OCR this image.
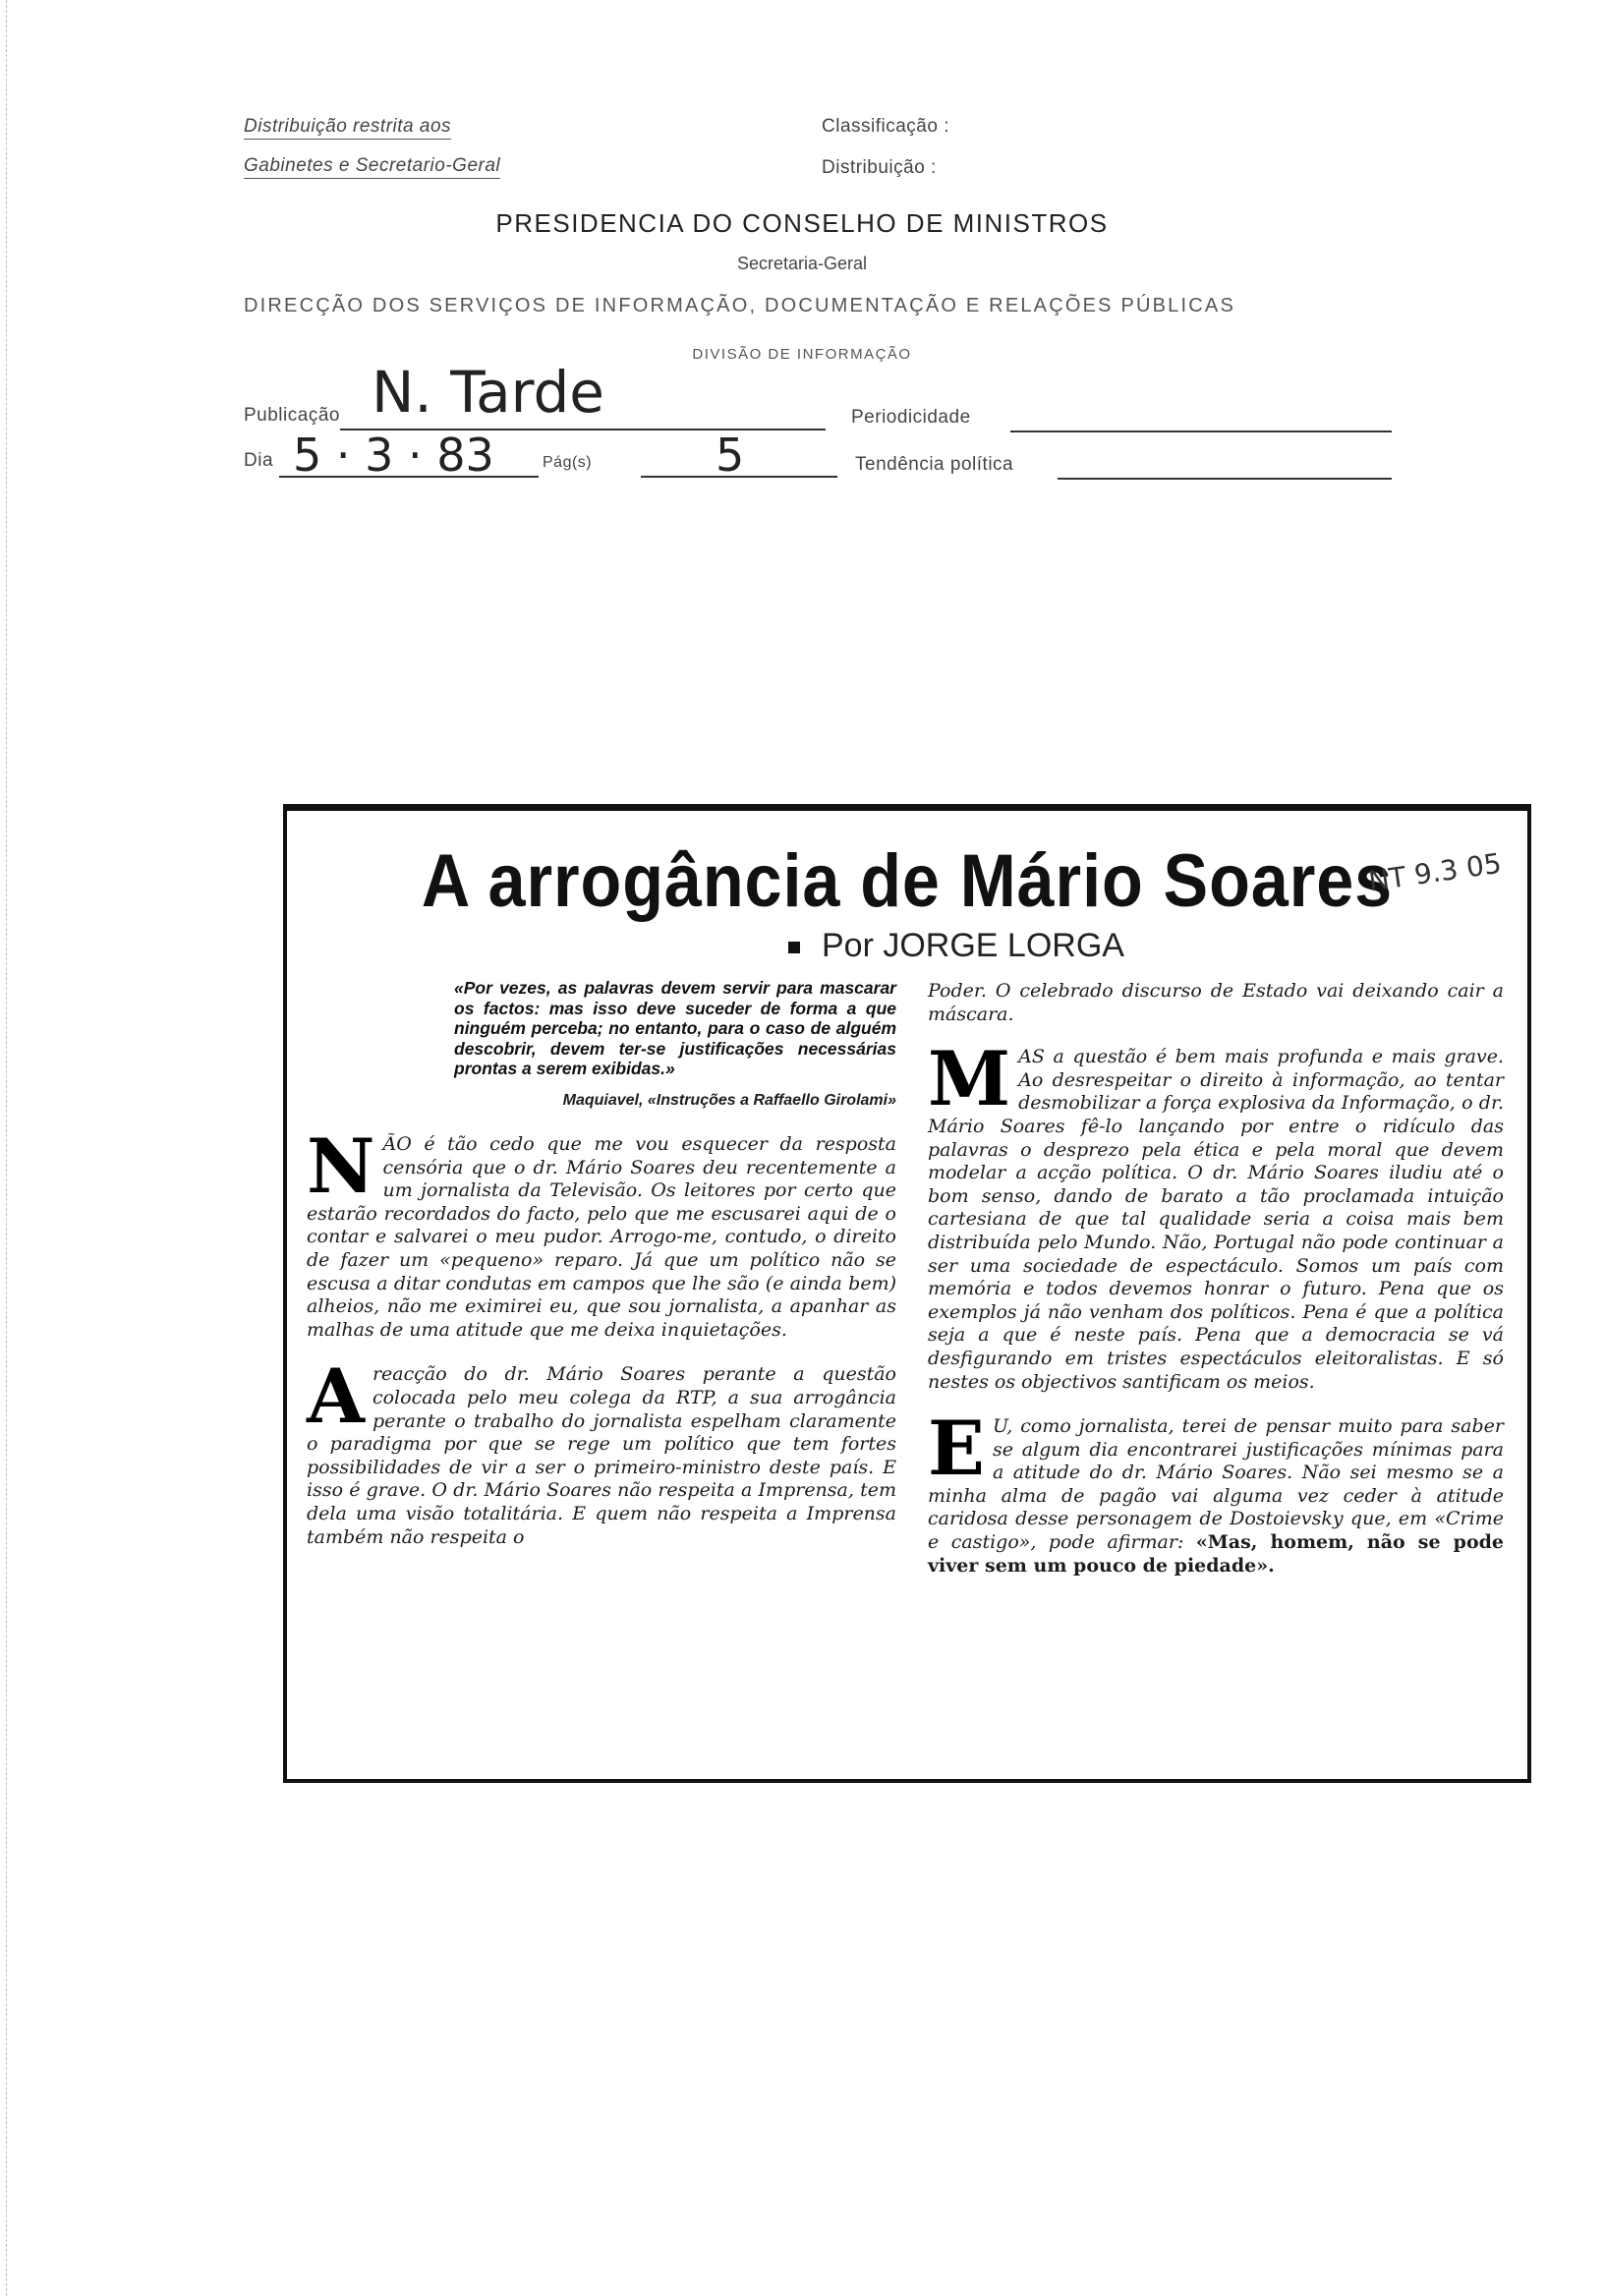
Distribuição restrita aos
Gabinetes e Secretario-Geral
Classificação :
Distribuição :
PRESIDENCIA DO CONSELHO DE MINISTROS
Secretaria-Geral
DIRECÇÃO DOS SERVIÇOS DE INFORMAÇÃO, DOCUMENTAÇÃO E RELAÇÕES PÚBLICAS
DIVISÃO DE INFORMAÇÃO
Publicação N. Tarde	Periodicidade
Dia 5 · 3 · 83	Pág(s)	5	Tendência política
A arrogância de Mário Soares
NT 9.3 05
Por JORGE LORGA
«Por vezes, as palavras devem servir para mascarar os factos: mas isso deve suceder de forma a que ninguém perceba; no entanto, para o caso de alguém descobrir, devem ter-se justificações necessárias prontas a serem exibidas.»
Maquiavel, «Instruções a Raffaello Girolami»

NÃO é tão cedo que me vou esquecer da resposta censória que o dr. Mário Soares deu recentemente a um jornalista da Televisão. Os leitores por certo que estarão recordados do facto, pelo que me escusarei aqui de o contar e salvarei o meu pudor. Arrogo-me, contudo, o direito de fazer um «pequeno» reparo. Já que um político não se escusa a ditar condutas em campos que lhe são (e ainda bem) alheios, não me eximirei eu, que sou jornalista, a apanhar as malhas de uma atitude que me deixa inquietações.

Areacção do dr. Mário Soares perante a questão colocada pelo meu colega da RTP, a sua arrogância perante o trabalho do jornalista espelham claramente o paradigma por que se rege um político que tem fortes possibilidades de vir a ser o primeiro-ministro deste país. E isso é grave. O dr. Mário Soares não respeita a Imprensa, tem dela uma visão totalitária. E quem não respeita a Imprensa também não respeita o

Poder. O celebrado discurso de Estado vai deixando cair a máscara.

MAS a questão é bem mais profunda e mais grave. Ao desrespeitar o direito à informação, ao tentar desmobilizar a força explosiva da Informação, o dr. Mário Soares fê-lo lançando por entre o ridículo das palavras o desprezo pela ética e pela moral que devem modelar a acção política. O dr. Mário Soares iludiu até o bom senso, dando de barato a tão proclamada intuição cartesiana de que tal qualidade seria a coisa mais bem distribuída pelo Mundo. Não, Portugal não pode continuar a ser uma sociedade de espectáculo. Somos um país com memória e todos devemos honrar o futuro. Pena que os exemplos já não venham dos políticos. Pena é que a política seja a que é neste país. Pena que a democracia se vá desfigurando em tristes espectáculos eleitoralistas. E só nestes os objectivos santificam os meios.

E U, como jornalista, terei de pensar muito para saber se algum dia encontrarei justificações mínimas para a atitude do dr. Mário Soares. Não sei mesmo se a minha alma de pagão vai alguma vez ceder à atitude caridosa desse personagem de Dostoievsky que, em «Crime e castigo», pode afirmar: «Mas, homem, não se pode viver sem um pouco de piedade».
